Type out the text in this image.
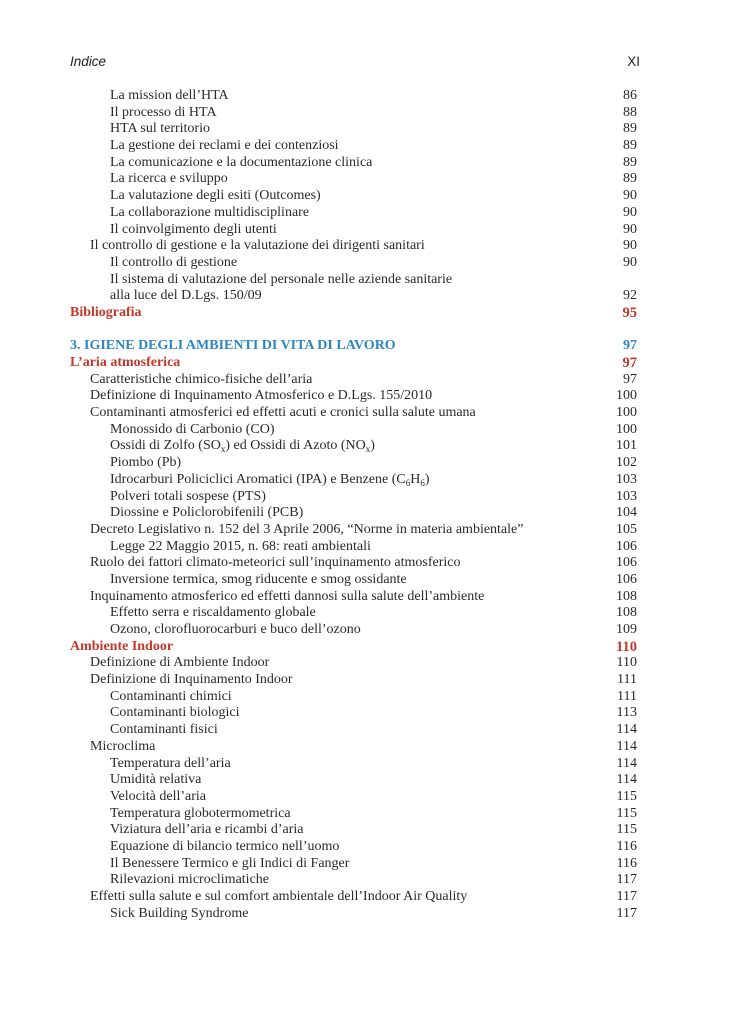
Indice	XI
La mission dell’HTA	86
Il processo di HTA	88
HTA sul territorio	89
La gestione dei reclami e dei contenziosi	89
La comunicazione e la documentazione clinica	89
La ricerca e sviluppo	89
La valutazione degli esiti (Outcomes)	90
La collaborazione multidisciplinare	90
Il coinvolgimento degli utenti	90
Il controllo di gestione e la valutazione dei dirigenti sanitari	90
Il controllo di gestione	90
Il sistema di valutazione del personale nelle aziende sanitarie
alla luce del D.Lgs. 150/09	92
Bibliografia	95
3. IGIENE DEGLI AMBIENTI DI VITA DI LAVORO	97
L’aria atmosferica	97
Caratteristiche chimico-fisiche dell’aria	97
Definizione di Inquinamento Atmosferico e D.Lgs. 155/2010	100
Contaminanti atmosferici ed effetti acuti e cronici sulla salute umana	100
Monossido di Carbonio (CO)	100
Ossidi di Zolfo $(SO_x)$ ed Ossidi di Azoto $(NO_x)$	101
Piombo (Pb)	102
Idrocarburi Policiclici Aromatici (IPA) e Benzene $(C_6H_6)$	103
Polveri totali sospese (PTS)	103
Diossine e Policlorobifenili (PCB)	104
Decreto Legislativo n. 152 del 3 Aprile 2006, “Norme in materia ambientale”	105
Legge 22 Maggio 2015, n. 68: reati ambientali	106
Ruolo dei fattori climato-meteorici sull’inquinamento atmosferico	106
Inversione termica, smog riducente e smog ossidante	106
Inquinamento atmosferico ed effetti dannosi sulla salute dell’ambiente	108
Effetto serra e riscaldamento globale	108
Ozono, clorofluorocarburi e buco dell’ozono	109
Ambiente Indoor	110
Definizione di Ambiente Indoor	110
Definizione di Inquinamento Indoor	111
Contaminanti chimici	111
Contaminanti biologici	113
Contaminanti fisici	114
Microclima	114
Temperatura dell’aria	114
Umidità relativa	114
Velocità dell’aria	115
Temperatura globotermometrica	115
Viziatura dell’aria e ricambi d’aria	115
Equazione di bilancio termico nell’uomo	116
Il Benessere Termico e gli Indici di Fanger	116
Rilevazioni microclimatiche	117
Effetti sulla salute e sul comfort ambientale dell’Indoor Air Quality	117
Sick Building Syndrome	117
